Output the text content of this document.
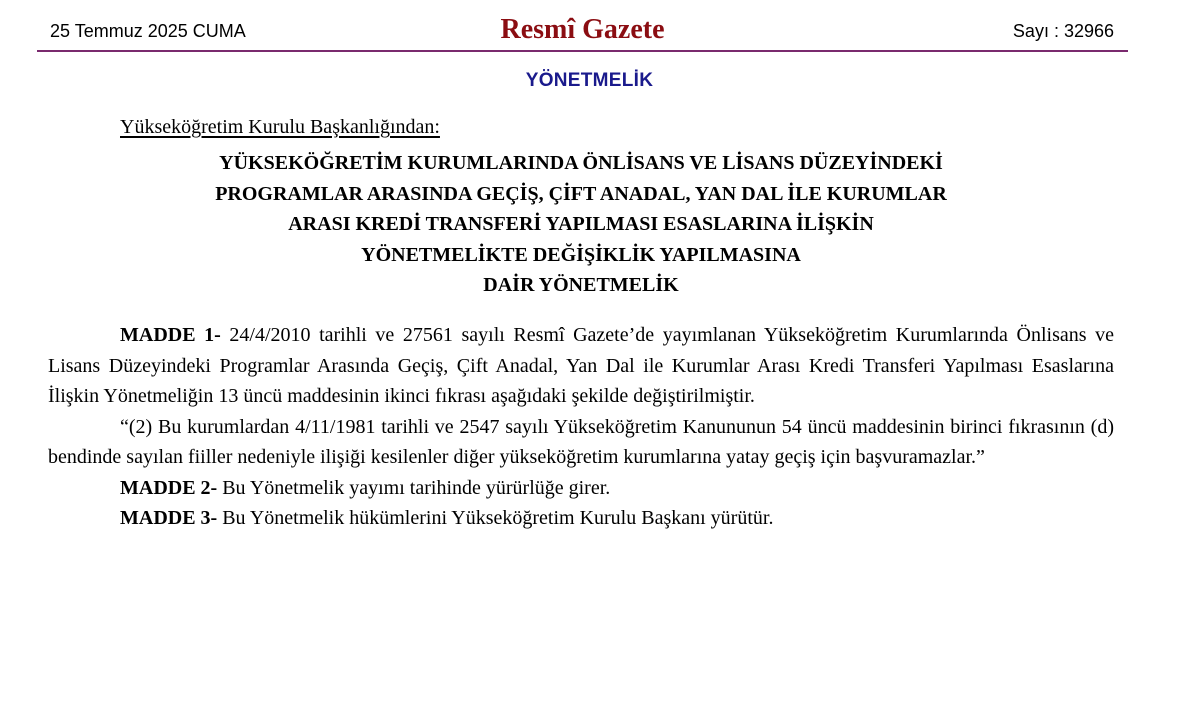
25 Temmuz 2025 CUMA	Resmî Gazete	Sayı : 32966
YÖNETMELİK
Yükseköğretim Kurulu Başkanlığından:
YÜKSEKÖĞRETİM KURUMLARINDA ÖNLİSANS VE LİSANS DÜZEYİNDEKİ
PROGRAMLAR ARASINDA GEÇİŞ, ÇİFT ANADAL, YAN DAL İLE KURUMLAR
ARASI KREDİ TRANSFERİ YAPILMASI ESASLARINA İLİŞKİN
YÖNETMELİKTE DEĞİŞİKLİK YAPILMASINA
DAİR YÖNETMELİK

MADDE 1- 24/4/2010 tarihli ve 27561 sayılı Resmî Gazete’de yayımlanan Yükseköğretim Kurumlarında Önlisans ve Lisans Düzeyindeki Programlar Arasında Geçiş, Çift Anadal, Yan Dal ile Kurumlar Arası Kredi Transferi Yapılması Esaslarına İlişkin Yönetmeliğin 13 üncü maddesinin ikinci fıkrası aşağıdaki şekilde değiştirilmiştir.

“(2) Bu kurumlardan 4/11/1981 tarihli ve 2547 sayılı Yükseköğretim Kanununun 54 üncü maddesinin birinci fıkrasının (d) bendinde sayılan fiiller nedeniyle ilişiği kesilenler diğer yükseköğretim kurumlarına yatay geçiş için başvuramazlar.”

MADDE 2- Bu Yönetmelik yayımı tarihinde yürürlüğe girer.

MADDE 3- Bu Yönetmelik hükümlerini Yükseköğretim Kurulu Başkanı yürütür.
